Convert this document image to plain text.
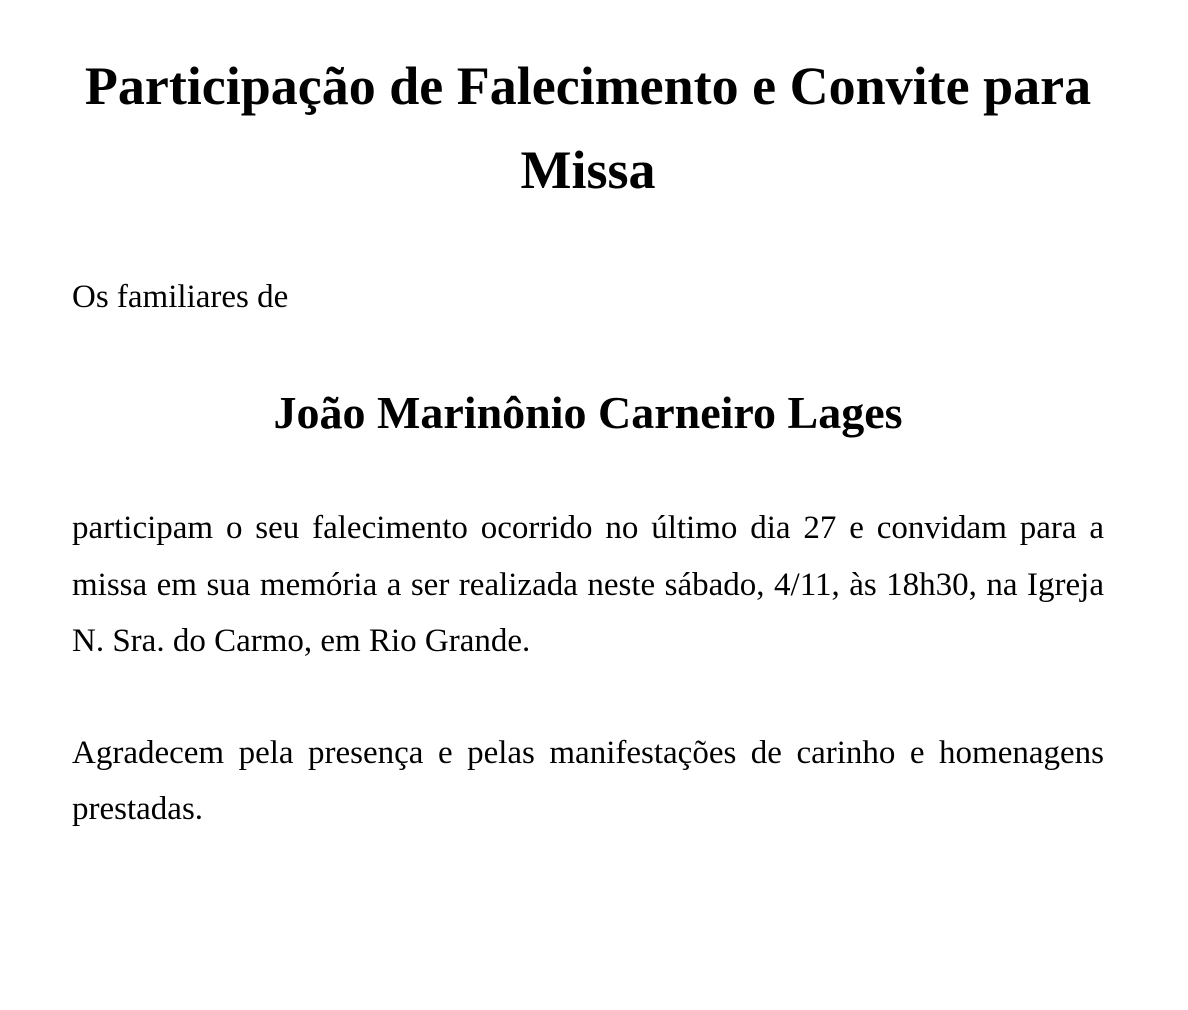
Participação de Falecimento e Convite para Missa

Os familiares de

João Marinônio Carneiro Lages

participam o seu falecimento ocorrido no último dia 27 e convidam para a missa em sua memória a ser realizada neste sábado, 4/11, às 18h30, na Igreja N. Sra. do Carmo, em Rio Grande.

Agradecem pela presença e pelas manifestações de carinho e homenagens prestadas.
